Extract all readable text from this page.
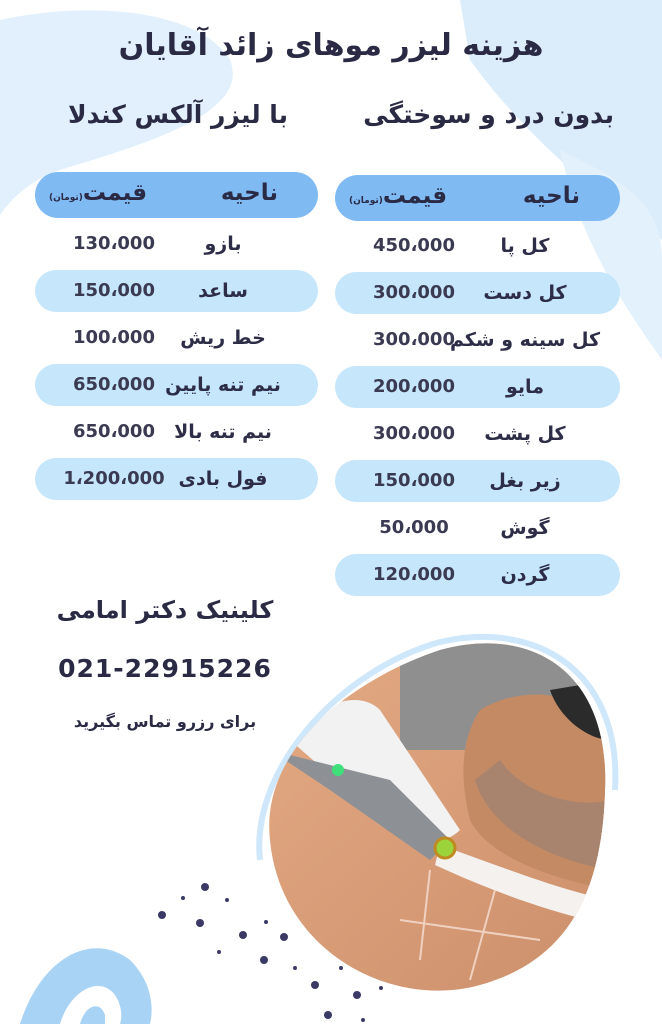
هزینه لیزر موهای زائد آقایان
بدون درد و سوختگی
با لیزر آلکس کندلا
ناحیه
قیمت(تومان)
کل پا
450،000
کل دست
300،000
کل سینه و شکم
300،000
مایو
200،000
کل پشت
300،000
زیر بغل
150،000
گوش
50،000
گردن
120،000
ناحیه
قیمت(تومان)
بازو
130،000
ساعد
150،000
خط ریش
100،000
نیم تنه پایین
650،000
نیم تنه بالا
650،000
فول بادی
1،200،000
کلینیک دکتر امامی
021-22915226
برای رزرو تماس بگیرید
